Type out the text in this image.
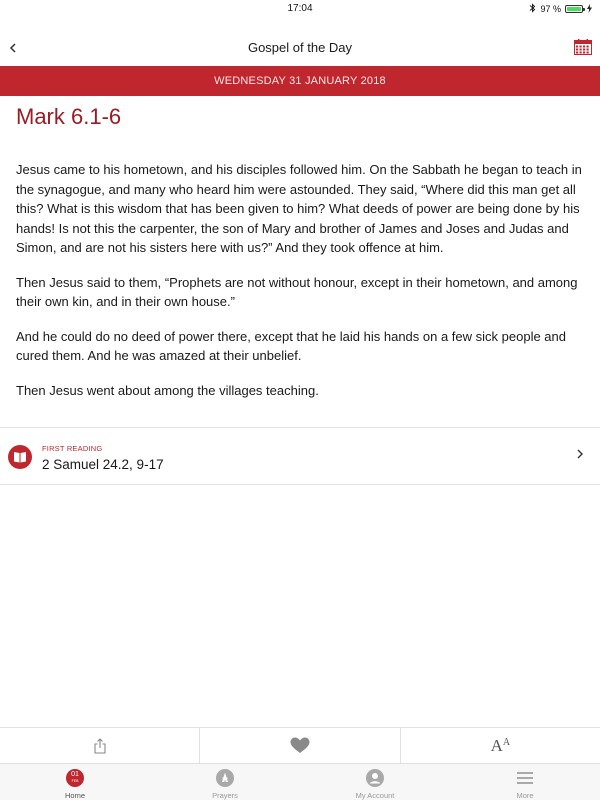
17:04	97 %
Gospel of the Day
WEDNESDAY 31 JANUARY 2018
Mark 6.1-6

Jesus came to his hometown, and his disciples followed him. On the Sabbath he began to teach in the synagogue, and many who heard him were astounded. They said, “Where did this man get all this? What is this wisdom that has been given to him? What deeds of power are being done by his hands! Is not this the carpenter, the son of Mary and brother of James and Joses and Judas and Simon, and are not his sisters here with us?” And they took offence at him.

Then Jesus said to them, “Prophets are not without honour, except in their hometown, and among their own kin, and in their own house.”

And he could do no deed of power there, except that he laid his hands on a few sick people and cured them. And he was amazed at their unbelief.

Then Jesus went about among the villages teaching.

FIRST READING
2 Samuel 24.2, 9-17
$A^A$
01
FEB
Home	Prayers	My Account	More
